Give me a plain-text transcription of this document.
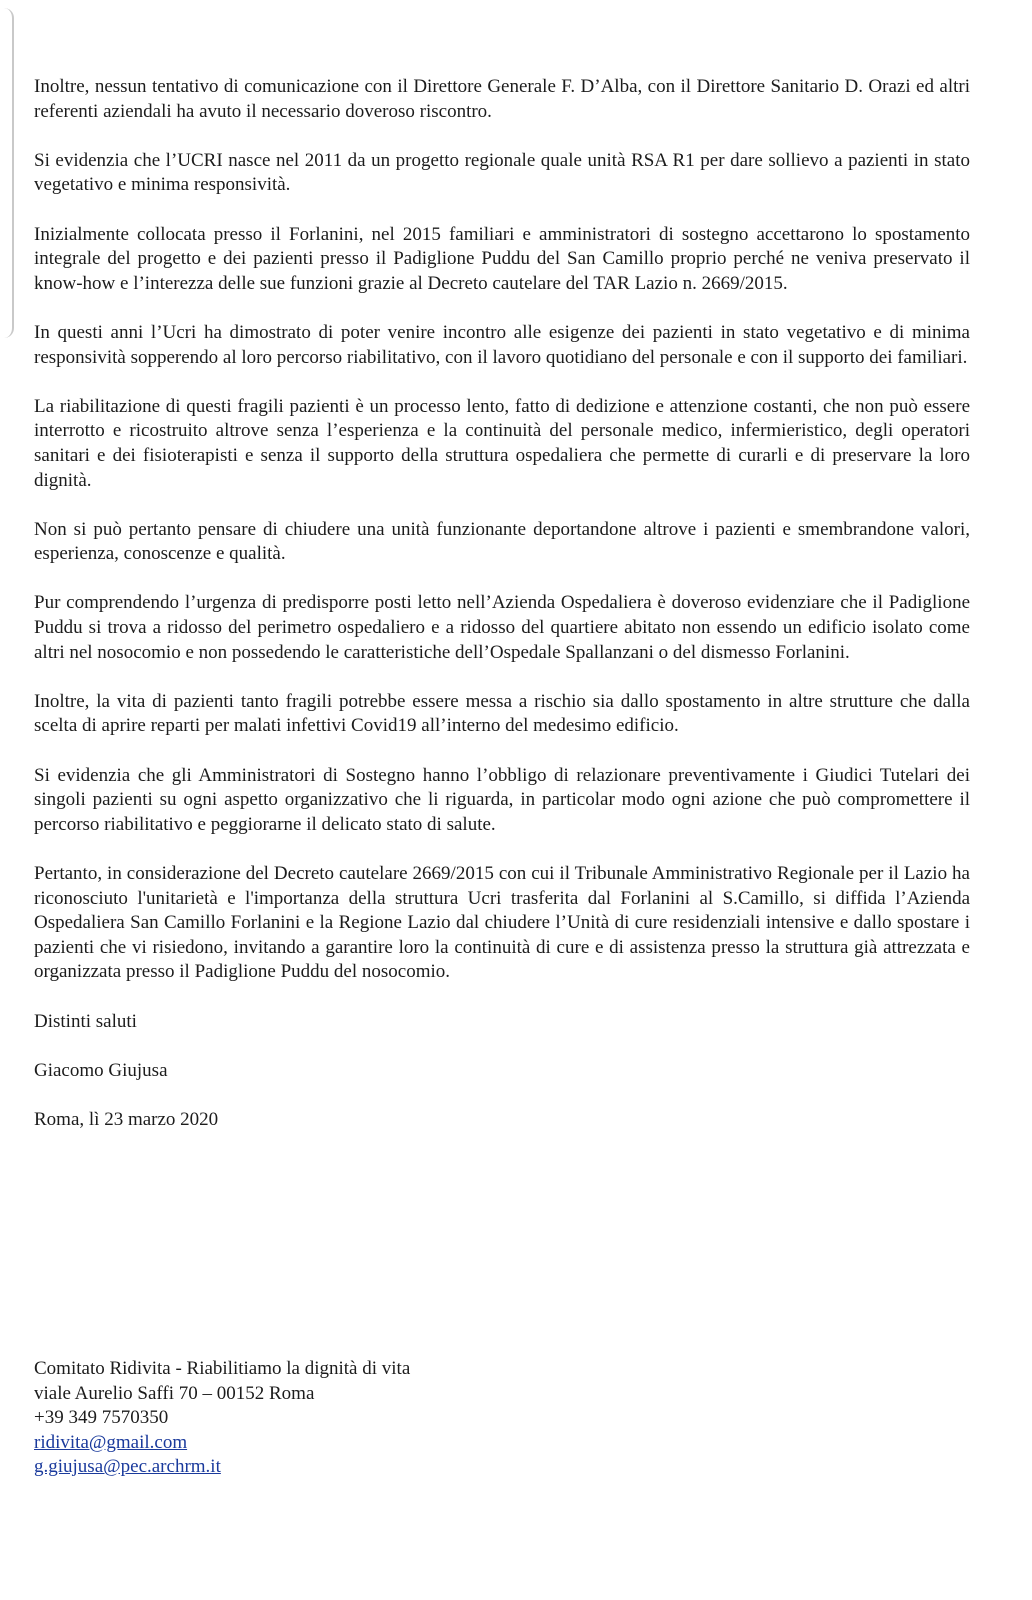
Inoltre, nessun tentativo di comunicazione con il Direttore Generale F. D’Alba, con il Direttore Sanitario D. Orazi ed altri referenti aziendali ha avuto il necessario doveroso riscontro.

Si evidenzia che l’UCRI nasce nel 2011 da un progetto regionale quale unità RSA R1 per dare sollievo a pazienti in stato vegetativo e minima responsività.

Inizialmente collocata presso il Forlanini, nel 2015 familiari e amministratori di sostegno accettarono lo spostamento integrale del progetto e dei pazienti presso il Padiglione Puddu del San Camillo proprio perché ne veniva preservato il know-how e l’interezza delle sue funzioni grazie al Decreto cautelare del TAR Lazio n. 2669/2015.

In questi anni l’Ucri ha dimostrato di poter venire incontro alle esigenze dei pazienti in stato vegetativo e di minima responsività sopperendo al loro percorso riabilitativo, con il lavoro quotidiano del personale e con il supporto dei familiari.

La riabilitazione di questi fragili pazienti è un processo lento, fatto di dedizione e attenzione costanti, che non può essere interrotto e ricostruito altrove senza l’esperienza e la continuità del personale medico, infermieristico, degli operatori sanitari e dei fisioterapisti e senza il supporto della struttura ospedaliera che permette di curarli e di preservare la loro dignità.

Non si può pertanto pensare di chiudere una unità funzionante deportandone altrove i pazienti e smembrandone valori, esperienza, conoscenze e qualità.

Pur comprendendo l’urgenza di predisporre posti letto nell’Azienda Ospedaliera è doveroso evidenziare che il Padiglione Puddu si trova a ridosso del perimetro ospedaliero e a ridosso del quartiere abitato non essendo un edificio isolato come altri nel nosocomio e non possedendo le caratteristiche dell’Ospedale Spallanzani o del dismesso Forlanini.

Inoltre, la vita di pazienti tanto fragili potrebbe essere messa a rischio sia dallo spostamento in altre strutture che dalla scelta di aprire reparti per malati infettivi Covid19 all’interno del medesimo edificio.

Si evidenzia che gli Amministratori di Sostegno hanno l’obbligo di relazionare preventivamente i Giudici Tutelari dei singoli pazienti su ogni aspetto organizzativo che li riguarda, in particolar modo ogni azione che può compromettere il percorso riabilitativo e peggiorarne il delicato stato di salute.

Pertanto, in considerazione del Decreto cautelare 2669/2015 con cui il Tribunale Amministrativo Regionale per il Lazio ha riconosciuto l'unitarietà e l'importanza della struttura Ucri trasferita dal Forlanini al S.Camillo, si diffida l’Azienda Ospedaliera San Camillo Forlanini e la Regione Lazio dal chiudere l’Unità di cure residenziali intensive e dallo spostare i pazienti che vi risiedono, invitando a garantire loro la continuità di cure e di assistenza presso la struttura già attrezzata e organizzata presso il Padiglione Puddu del nosocomio.

Distinti saluti

Giacomo Giujusa

Roma, lì 23 marzo 2020

Comitato Ridivita - Riabilitiamo la dignità di vita
viale Aurelio Saffi 70 – 00152 Roma
+39 349 7570350
ridivita@gmail.com
g.giujusa@pec.archrm.it
